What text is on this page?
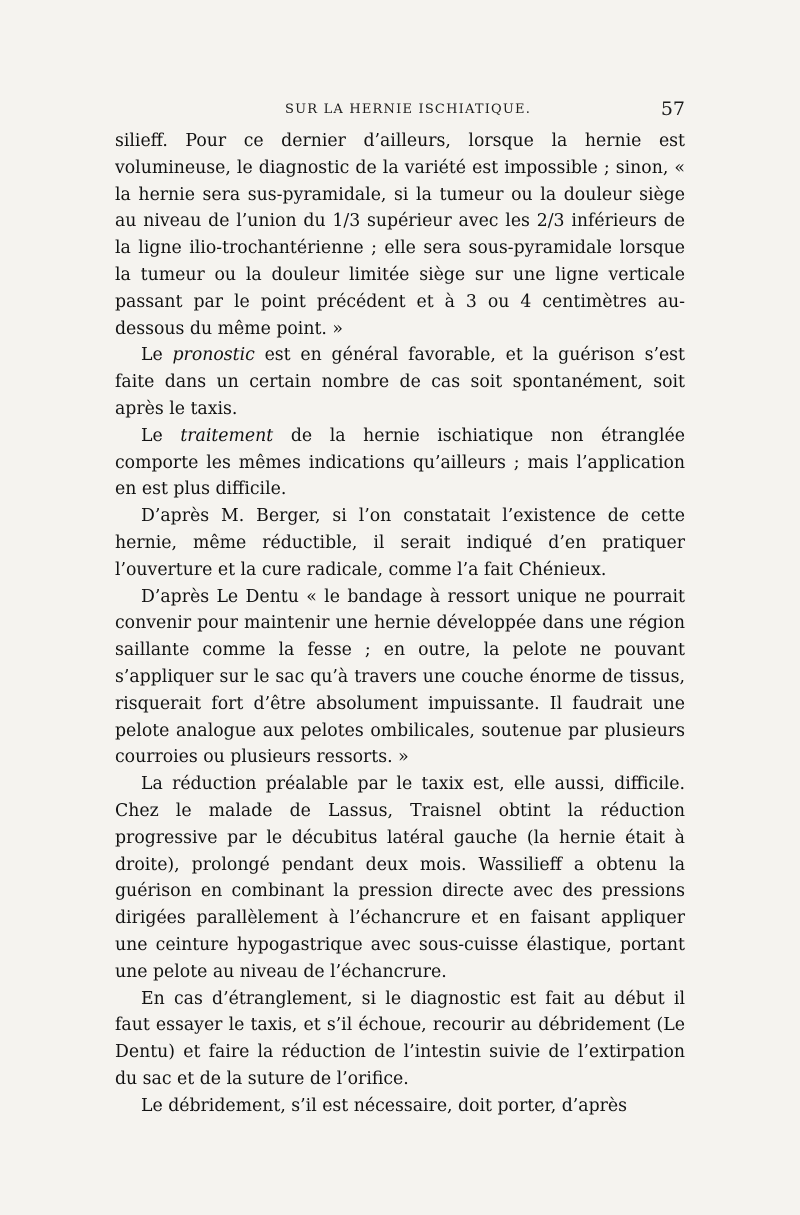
SUR LA HERNIE ISCHIATIQUE.	57

silieff. Pour ce dernier d’ailleurs, lorsque la hernie est volumineuse, le diagnostic de la variété est impossible ; sinon, « la hernie sera sus-pyramidale, si la tumeur ou la douleur siège au niveau de l’union du 1/3 supérieur avec les 2/3 inférieurs de la ligne ilio-trochantérienne ; elle sera sous-pyramidale lorsque la tumeur ou la douleur limitée siège sur une ligne verticale passant par le point précédent et à 3 ou 4 centimètres au-dessous du même point. »

Le pronostic est en général favorable, et la guérison s’est faite dans un certain nombre de cas soit spontanément, soit après le taxis.

Le traitement de la hernie ischiatique non étranglée comporte les mêmes indications qu’ailleurs ; mais l’application en est plus difficile.

D’après M. Berger, si l’on constatait l’existence de cette hernie, même réductible, il serait indiqué d’en pratiquer l’ouverture et la cure radicale, comme l’a fait Chénieux.

D’après Le Dentu « le bandage à ressort unique ne pourrait convenir pour maintenir une hernie développée dans une région saillante comme la fesse ; en outre, la pelote ne pouvant s’appliquer sur le sac qu’à travers une couche énorme de tissus, risquerait fort d’être absolument impuissante. Il faudrait une pelote analogue aux pelotes ombilicales, soutenue par plusieurs courroies ou plusieurs ressorts. »

La réduction préalable par le taxix est, elle aussi, difficile. Chez le malade de Lassus, Traisnel obtint la réduction progressive par le décubitus latéral gauche (la hernie était à droite), prolongé pendant deux mois. Wassilieff a obtenu la guérison en combinant la pression directe avec des pressions dirigées parallèlement à l’échancrure et en faisant appliquer une ceinture hypogastrique avec sous-cuisse élastique, portant une pelote au niveau de l’échancrure.

En cas d’étranglement, si le diagnostic est fait au début il faut essayer le taxis, et s’il échoue, recourir au débridement (Le Dentu) et faire la réduction de l’intestin suivie de l’extirpation du sac et de la suture de l’orifice.

Le débridement, s’il est nécessaire, doit porter, d’après
